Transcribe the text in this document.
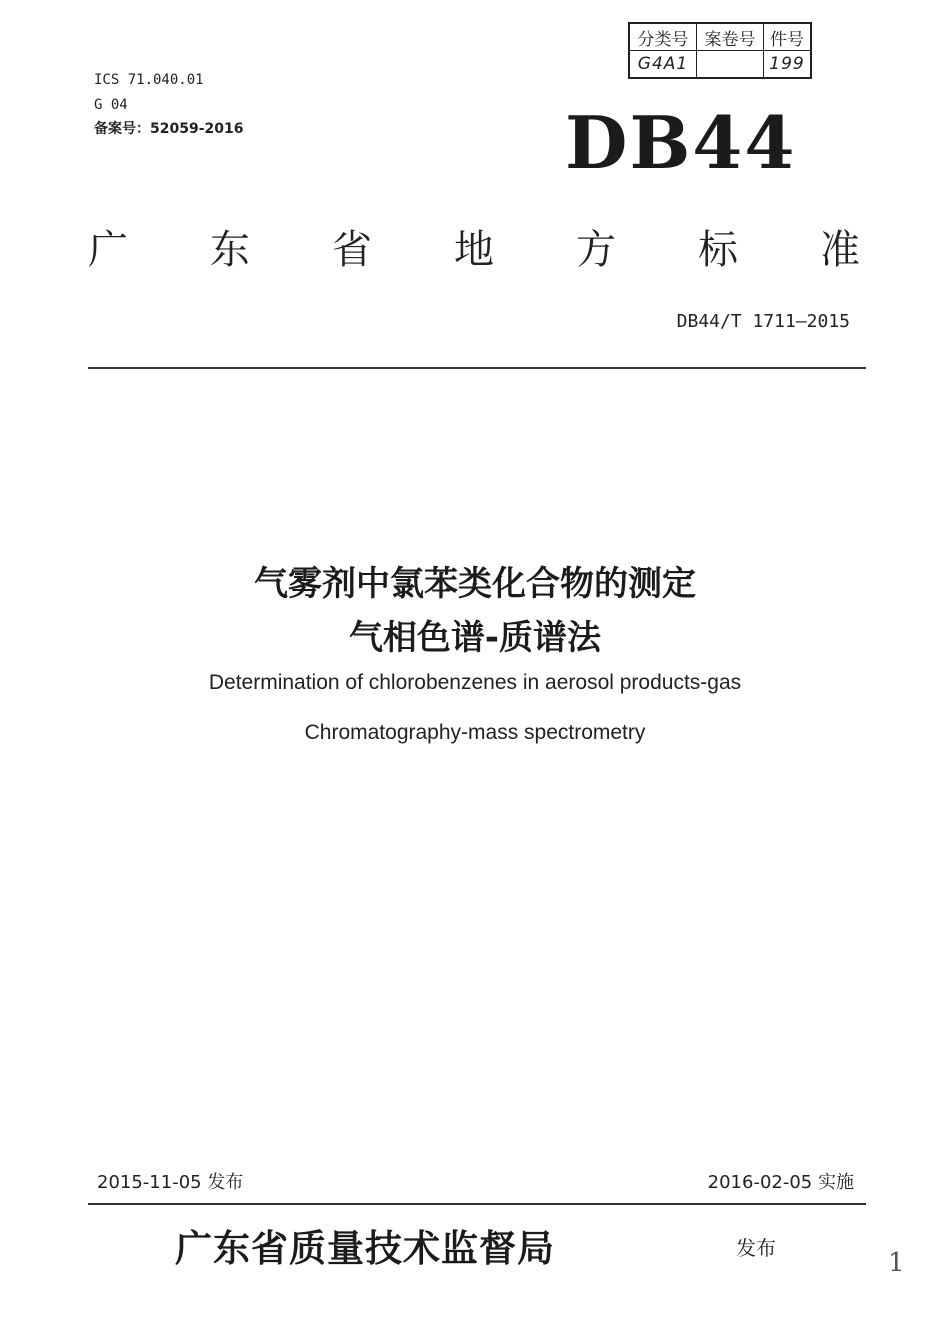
ICS 71.040.01
G 04
备案号：52059-2016
分类号	案卷号	件号
G4A1		199
DB44
广 东 省 地 方 标 准
DB44/T 1711—2015
气雾剂中氯苯类化合物的测定
气相色谱-质谱法
Determination of chlorobenzenes in aerosol products-gas
Chromatography-mass spectrometry
2015-11-05 发布	2016-02-05 实施
广东省质量技术监督局	发布	1
